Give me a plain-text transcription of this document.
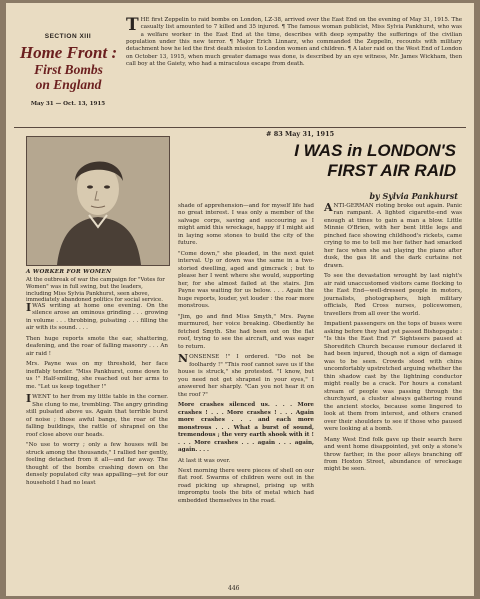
SECTION XIII
Home Front :
First Bombs
on England
May 31 — Oct. 13, 1915
THE first Zeppelin to raid bombs on London, LZ-38, arrived over the East End on the evening of May 31, 1915. The casualty list amounted to 7 killed and 35 injured. ¶ The famous woman publicist, Miss Sylvia Pankhurst, who was a welfare worker in the East End at the time, describes with deep sympathy the sufferings of the civilian population under this new terror. ¶ Major Erich Linnarz, who commanded the Zeppelin, recounts with military detachment how he led the first death mission to London women and children. ¶ A later raid on the West End of London on October 13, 1915, when much greater damage was done, is described by an eye witness, Mr. James Wickham, then call boy at the Gaiety, who had a miraculous escape from death.
# 83 May 31, 1915
I WAS in LONDON'S
FIRST AIR RAID
by Sylvia Pankhurst
A WORKER FOR WOMEN
At the outbreak of war the campaign for "Votes for Women" was in full swing, but the leaders, including Miss Sylvia Pankhurst, seen above, immediately abandoned politics for social service.

IWAS writing at home one evening. On the silence arose an ominous grinding . . . growing in volume . . . throbbing, pulsating . . . filling the air with its sound. . . .

Then huge reports smote the ear, shattering, deafening, and the roar of falling masonry . . . An air raid !

Mrs. Payne was on my threshold, her face ineffably tender. "Miss Pankhurst, come down to us !" Half-smiling, she reached out her arms to me. "Let us keep together !"

IWENT to her from my little table in the corner. She clung to me, trembling. The angry grinding still pulsated above us. Again that terrible burst of noise ; those awful bangs, the roar of the falling buildings, the rattle of shrapnel on the roof close above our heads.

"No use to worry ; only a few houses will be struck among the thousands," I rallied her gently, feeling detached from it all—and far away. The thought of the bombs crashing down on the densely populated city was appalling—yet for our household I had no least

shade of apprehension—and for myself life had no great interest. I was only a member of the salvage corps, saving and succouring as I might amid this wreckage, happy if I might aid in laying some stones to build the city of the future.

"Come down," she pleaded, in the next quiet interval. Up or down was the same in a two-storied dwelling, aged and gimcrack ; but to please her I went where she would, supporting her, for she almost failed at the stairs. Jim Payne was waiting for us below. . . . Again the huge reports, louder, yet louder : the roar more monstrous.

"Jim, go and find Miss Smyth," Mrs. Payne murmured, her voice breaking. Obediently he fetched Smyth. She had been out on the flat roof, trying to see the aircraft, and was eager to return.

NONSENSE !" I ordered. "Do not be foolhardy !" "This roof cannot save us if the house is struck," she protested. "I know, but you need not get shrapnel in your eyes," I answered her sharply. "Can you not hear it on the roof ?"

More crashes silenced us. . . . More crashes ! . . . More crashes ! . . . Again more crashes . . . and each more monstrous . . . What a burst of sound, tremendous ; the very earth shook with it ! . . . More crashes . . . again . . . again, again. . . .

At last it was over.

Next morning there were pieces of shell on our flat roof. Swarms of children were out in the road picking up shrapnel, prising up with impromptu tools the bits of metal which had embedded themselves in the road.

ANTI-GERMAN rioting broke out again. Panic ran rampant. A lighted cigarette-end was enough at times to gain a man a blow. Little Minnie O'Brien, with her bent little legs and pinched face showing childhood's rickets, came crying to me to tell me her father had smacked her face when she sat playing the piano after dusk, the gas lit and the dark curtains not drawn.

To see the devastation wrought by last night's air raid unaccustomed visitors came flocking to the East End—well-dressed people in motors, journalists, photographers, high military officials, Red Cross nurses, policewomen, travellers from all over the world.

Impatient passengers on the tops of buses were asking before they had yet passed Bishopsgate : "Is this the East End ?" Sightseers paused at Shoreditch Church because rumour declared it had been injured, though not a sign of damage was to be seen. Crowds stood with chins uncomfortably upstretched arguing whether the thin shadow cast by the lightning conductor might really be a crack. For hours a constant stream of people was passing through the churchyard, a cluster always gathering round the ancient stocks, because some lingered to look at them from interest, and others craned over their shoulders to see if those who paused were looking at a bomb.

Many West End folk gave up their search here and went home disappointed, yet only a stone's throw farther, in the poor alleys branching off from Hoxton Street, abundance of wreckage might be seen.

446
